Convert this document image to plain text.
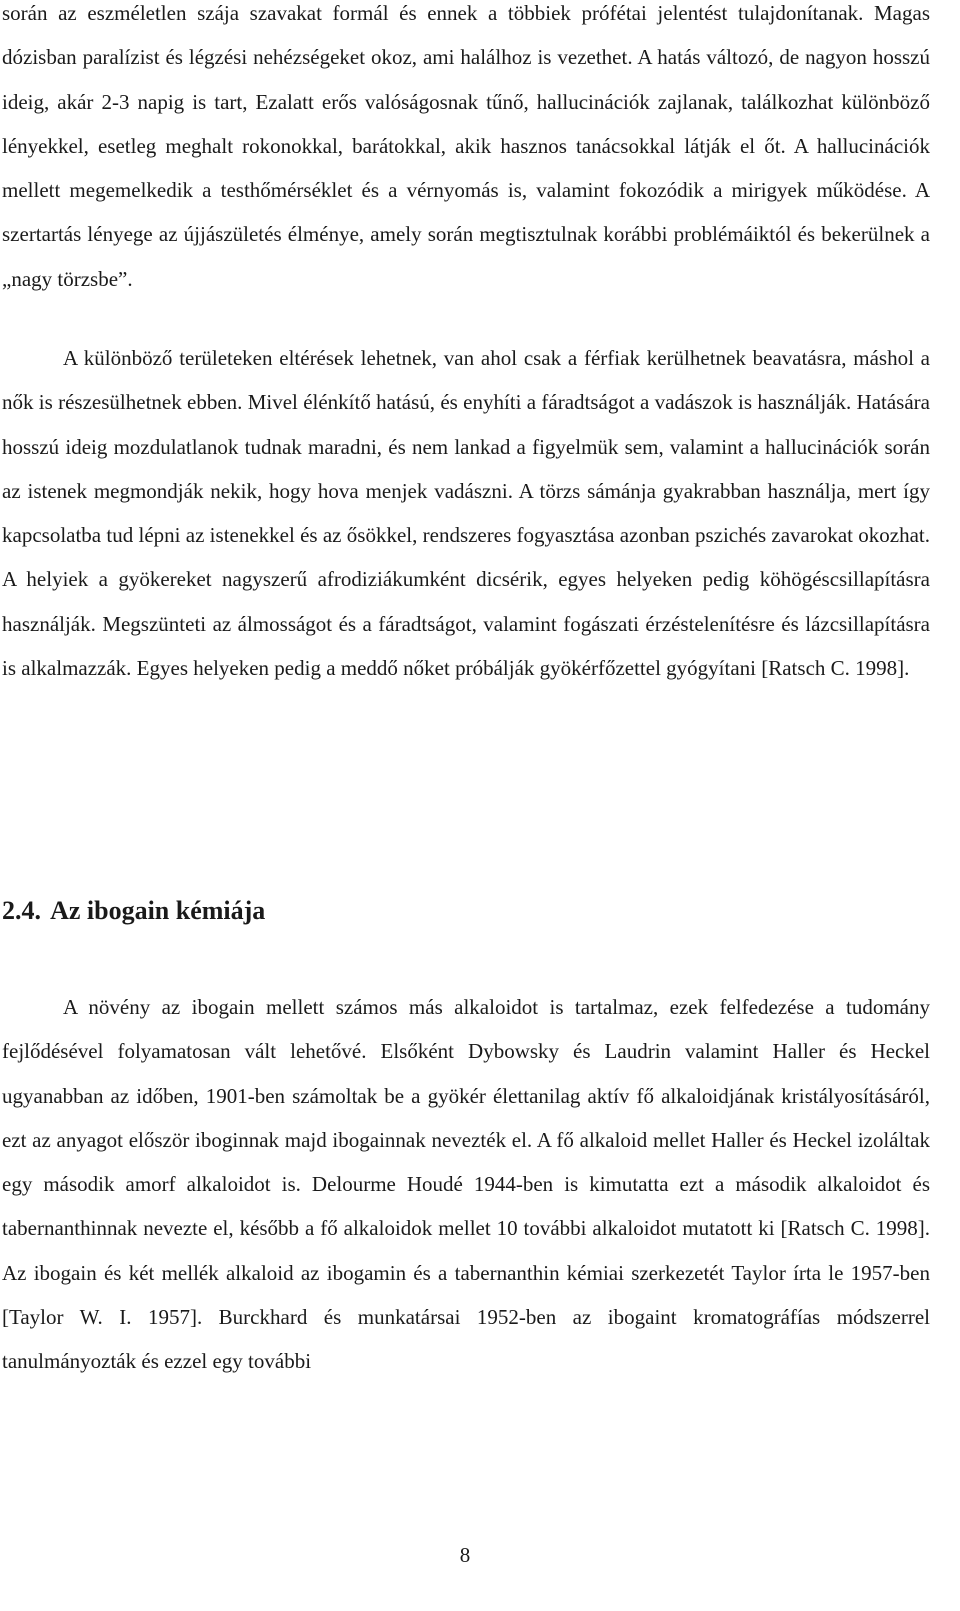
során az eszméletlen szája szavakat formál és ennek a többiek prófétai jelentést tulajdonítanak. Magas dózisban paralízist és légzési nehézségeket okoz, ami halálhoz is vezethet. A hatás változó, de nagyon hosszú ideig, akár 2-3 napig is tart, Ezalatt erős valóságosnak tűnő, hallucinációk zajlanak, találkozhat különböző lényekkel, esetleg meghalt rokonokkal, barátokkal, akik hasznos tanácsokkal látják el őt. A hallucinációk mellett megemelkedik a testhőmérséklet és a vérnyomás is, valamint fokozódik a mirigyek működése. A szertartás lényege az újjászületés élménye, amely során megtisztulnak korábbi problémáiktól és bekerülnek a „nagy törzsbe”.

A különböző területeken eltérések lehetnek, van ahol csak a férfiak kerülhetnek beavatásra, máshol a nők is részesülhetnek ebben. Mivel élénkítő hatású, és enyhíti a fáradtságot a vadászok is használják. Hatására hosszú ideig mozdulatlanok tudnak maradni, és nem lankad a figyelmük sem, valamint a hallucinációk során az istenek megmondják nekik, hogy hova menjek vadászni. A törzs sámánja gyakrabban használja, mert így kapcsolatba tud lépni az istenekkel és az ősökkel, rendszeres fogyasztása azonban pszichés zavarokat okozhat. A helyiek a gyökereket nagyszerű afrodiziákumként dicsérik, egyes helyeken pedig köhögéscsillapításra használják. Megszünteti az álmosságot és a fáradtságot, valamint fogászati érzéstelenítésre és lázcsillapításra is alkalmazzák. Egyes helyeken pedig a meddő nőket próbálják gyökérfőzettel gyógyítani [Ratsch C. 1998].

2.4. Az ibogain kémiája

A növény az ibogain mellett számos más alkaloidot is tartalmaz, ezek felfedezése a tudomány fejlődésével folyamatosan vált lehetővé. Elsőként Dybowsky és Laudrin valamint Haller és Heckel ugyanabban az időben, 1901-ben számoltak be a gyökér élettanilag aktív fő alkaloidjának kristályosításáról, ezt az anyagot először iboginnak majd ibogainnak nevezték el. A fő alkaloid mellet Haller és Heckel izoláltak egy második amorf alkaloidot is. Delourme Houdé 1944-ben is kimutatta ezt a második alkaloidot és tabernanthinnak nevezte el, később a fő alkaloidok mellet 10 további alkaloidot mutatott ki [Ratsch C. 1998]. Az ibogain és két mellék alkaloid az ibogamin és a tabernanthin kémiai szerkezetét Taylor írta le 1957-ben [Taylor W. I. 1957]. Burckhard és munkatársai 1952-ben az ibogaint kromatográfías módszerrel tanulmányozták és ezzel egy további

8
